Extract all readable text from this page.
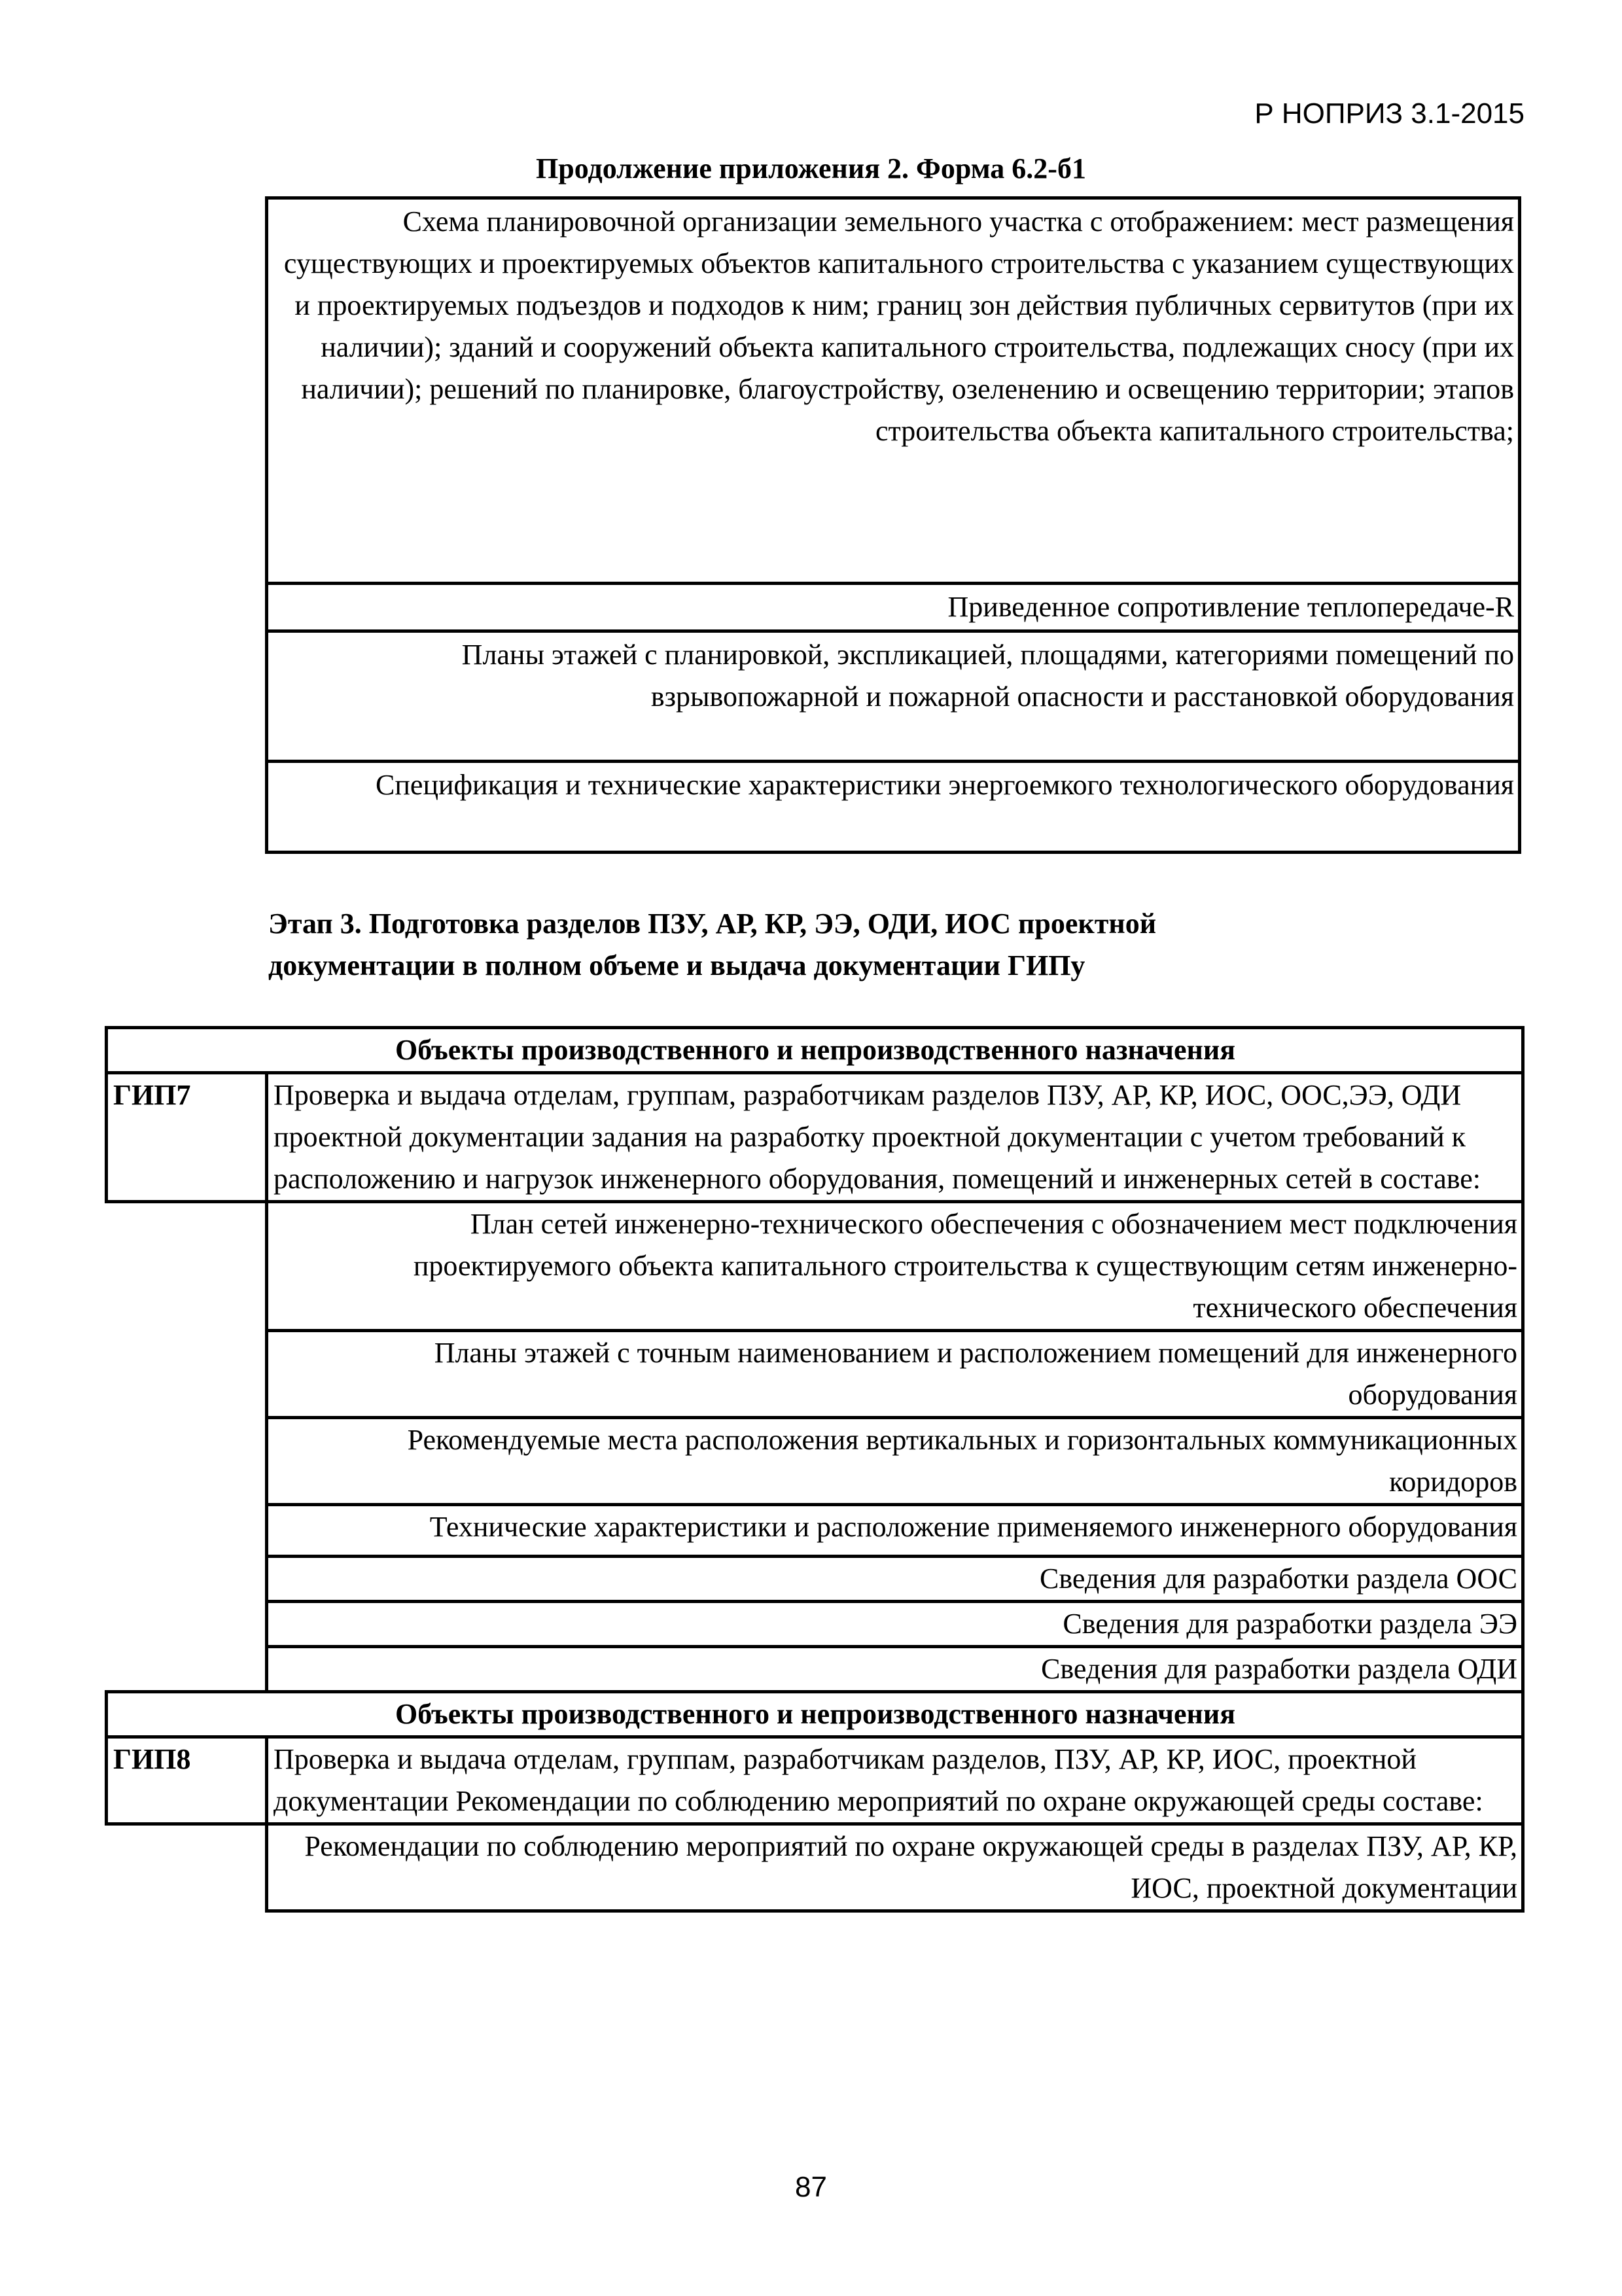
Р НОПРИЗ 3.1-2015
Продолжение приложения 2. Форма 6.2-б1
Схема планировочной организации земельного участка с отображением: мест размещения существующих и проектируемых объектов капитального строительства с указанием существующих и проектируемых подъездов и подходов к ним; границ зон действия публичных сервитутов (при их наличии); зданий и сооружений объекта капитального строительства, подлежащих сносу (при их наличии); решений по планировке, благоустройству, озеленению и освещению территории; этапов строительства объекта капитального строительства;
Приведенное сопротивление теплопередаче-R
Планы этажей с планировкой, экспликацией, площадями, категориями помещений по взрывопожарной и пожарной опасности и расстановкой оборудования
Спецификация и технические характеристики энергоемкого технологического оборудования
Этап 3. Подготовка разделов ПЗУ, АР, КР, ЭЭ, ОДИ, ИОС проектной
документации в полном объеме и выдача документации ГИПу
Объекты производственного и непроизводственного назначения	
ГИП7	Проверка и выдача отделам, группам, разработчикам разделов ПЗУ, АР, КР, ИОС, ООС,ЭЭ, ОДИ проектной документации задания на разработку проектной документации с учетом требований к расположению и нагрузок инженерного оборудования, помещений и инженерных сетей в составе:
	План сетей инженерно-технического обеспечения с обозначением мест подключения проектируемого объекта капитального строительства к существующим сетям инженерно-технического обеспечения
	Планы этажей с точным наименованием и расположением помещений для инженерного оборудования
	Рекомендуемые места расположения вертикальных и горизонтальных коммуникационных коридоров

	Технические характеристики и расположение применяемого инженерного оборудования

	Сведения для разработки раздела ООС
	Сведения для разработки раздела ЭЭ
	Сведения для разработки раздела ОДИ
Объекты производственного и непроизводственного назначения	
ГИП8	Проверка и выдача отделам, группам, разработчикам разделов, ПЗУ, АР, КР, ИОС, проектной документации Рекомендации по соблюдению мероприятий по охране окружающей среды составе:
	Рекомендации по соблюдению мероприятий по охране окружающей среды в разделах ПЗУ, АР, КР, ИОС, проектной документации
87
